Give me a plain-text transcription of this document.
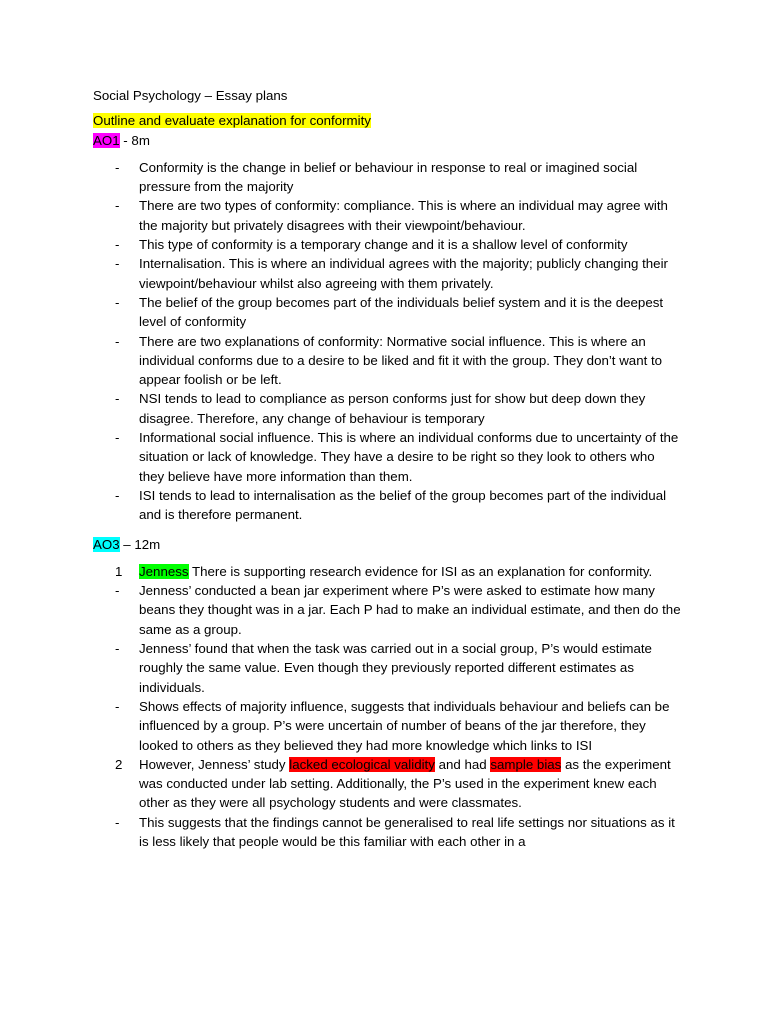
Social Psychology – Essay plans

Outline and evaluate explanation for conformity

AO1 - 8m

-	Conformity is the change in belief or behaviour in response to real or imagined social pressure from the majority
-	There are two types of conformity: compliance. This is where an individual may agree with the majority but privately disagrees with their viewpoint/behaviour.
-	This type of conformity is a temporary change and it is a shallow level of conformity
-	Internalisation. This is where an individual agrees with the majority; publicly changing their viewpoint/behaviour whilst also agreeing with them privately.
-	The belief of the group becomes part of the individuals belief system and it is the deepest level of conformity
-	There are two explanations of conformity: Normative social influence. This is where an individual conforms due to a desire to be liked and fit it with the group. They don’t want to appear foolish or be left.
-	NSI tends to lead to compliance as person conforms just for show but deep down they disagree. Therefore, any change of behaviour is temporary
-	Informational social influence. This is where an individual conforms due to uncertainty of the situation or lack of knowledge. They have a desire to be right so they look to others who they believe have more information than them.
-	ISI tends to lead to internalisation as the belief of the group becomes part of the individual and is therefore permanent.

AO3 – 12m

1	Jenness There is supporting research evidence for ISI as an explanation for conformity.
-	Jenness’ conducted a bean jar experiment where P’s were asked to estimate how many beans they thought was in a jar. Each P had to make an individual estimate, and then do the same as a group.
-	Jenness’ found that when the task was carried out in a social group, P’s would estimate roughly the same value. Even though they previously reported different estimates as individuals.
-	Shows effects of majority influence, suggests that individuals behaviour and beliefs can be influenced by a group. P’s were uncertain of number of beans of the jar therefore, they looked to others as they believed they had more knowledge which links to ISI
2	However, Jenness’ study lacked ecological validity and had sample bias as the experiment was conducted under lab setting. Additionally, the P’s used in the experiment knew each other as they were all psychology students and were classmates.
-	This suggests that the findings cannot be generalised to real life settings nor situations as it is less likely that people would be this familiar with each other in a
